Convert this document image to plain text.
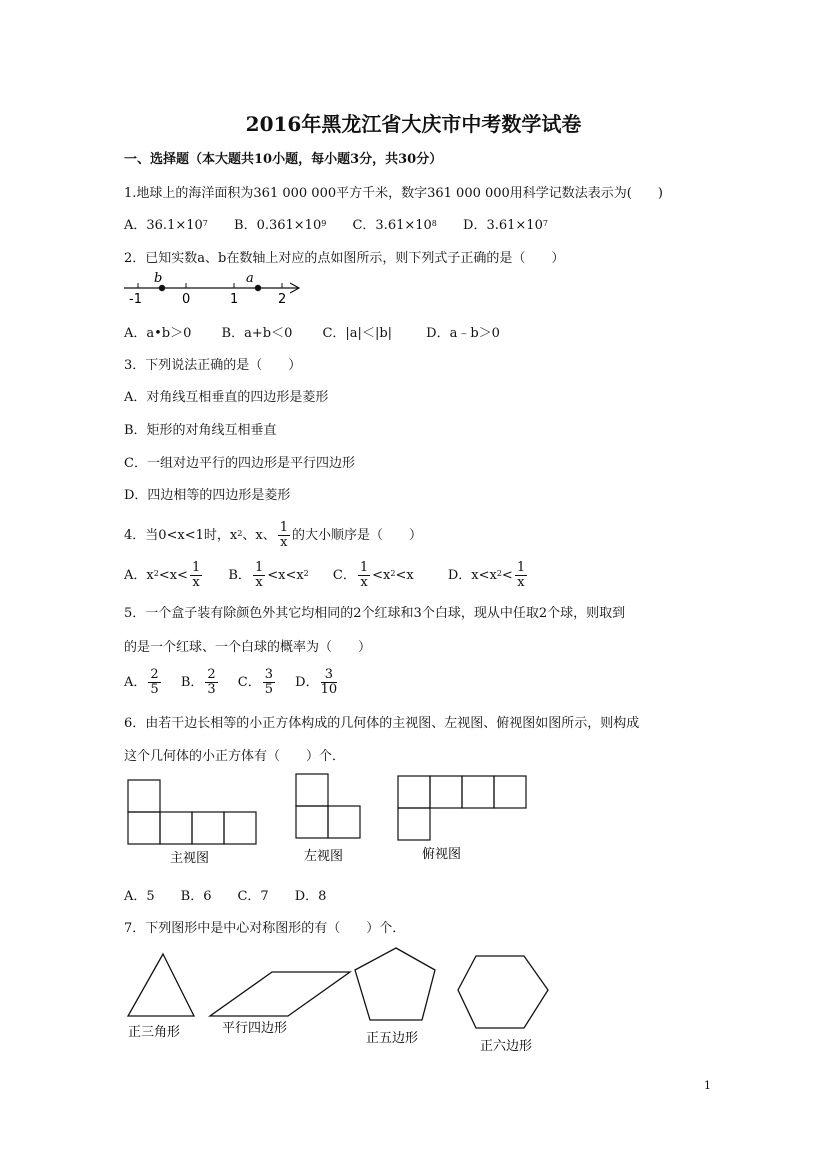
2016年黑龙江省大庆市中考数学试卷
一、选择题（本大题共10小题，每小题3分，共30分）
1.地球上的海洋面积为361 000 000平方千米，数字361 000 000用科学记数法表示为(　　)
A．$36.1\times 10^7$ B．$0.361\times 10^9$ C．$3.61\times 10^8$ D．$3.61\times 10^7$
2．已知实数a、b在数轴上对应的点如图所示，则下列式子正确的是（　　）
b	a
-1	0	1	2
A．a•b＞0 B．a+b＜0 C．|a|＜|b|	D．a﹣b＞0
3．下列说法正确的是（　　）
A．对角线互相垂直的四边形是菱形
B．矩形的对角线互相垂直
C．一组对边平行的四边形是平行四边形
D．四边相等的四边形是菱形
4．当0<x<1时，$x^2$、x、 $\frac{1}{x}$ 的大小顺序是（　　）
A．$x^2<x< \frac{1}{x}$ B． $\frac{1}{x} <x<x^2$ C． $\frac{1}{x} <x^2<x$	D．$x<x^2< \frac{1}{x}$
5．一个盒子装有除颜色外其它均相同的2个红球和3个白球，现从中任取2个球，则取到
的是一个红球、一个白球的概率为（　　）
A． $\frac{2}{5}$ B． $\frac{2}{3}$ C． $\frac{3}{5}$ D． $\frac{3}{10}$
6．由若干边长相等的小正方体构成的几何体的主视图、左视图、俯视图如图所示，则构成
这个几何体的小正方体有（　　）个．
主视图	左视图	俯视图
A．5　　B．6　　C．7　　D．8
7．下列图形中是中心对称图形的有（　　）个．
正三角形	平行四边形
正五边形
正六边形
1
